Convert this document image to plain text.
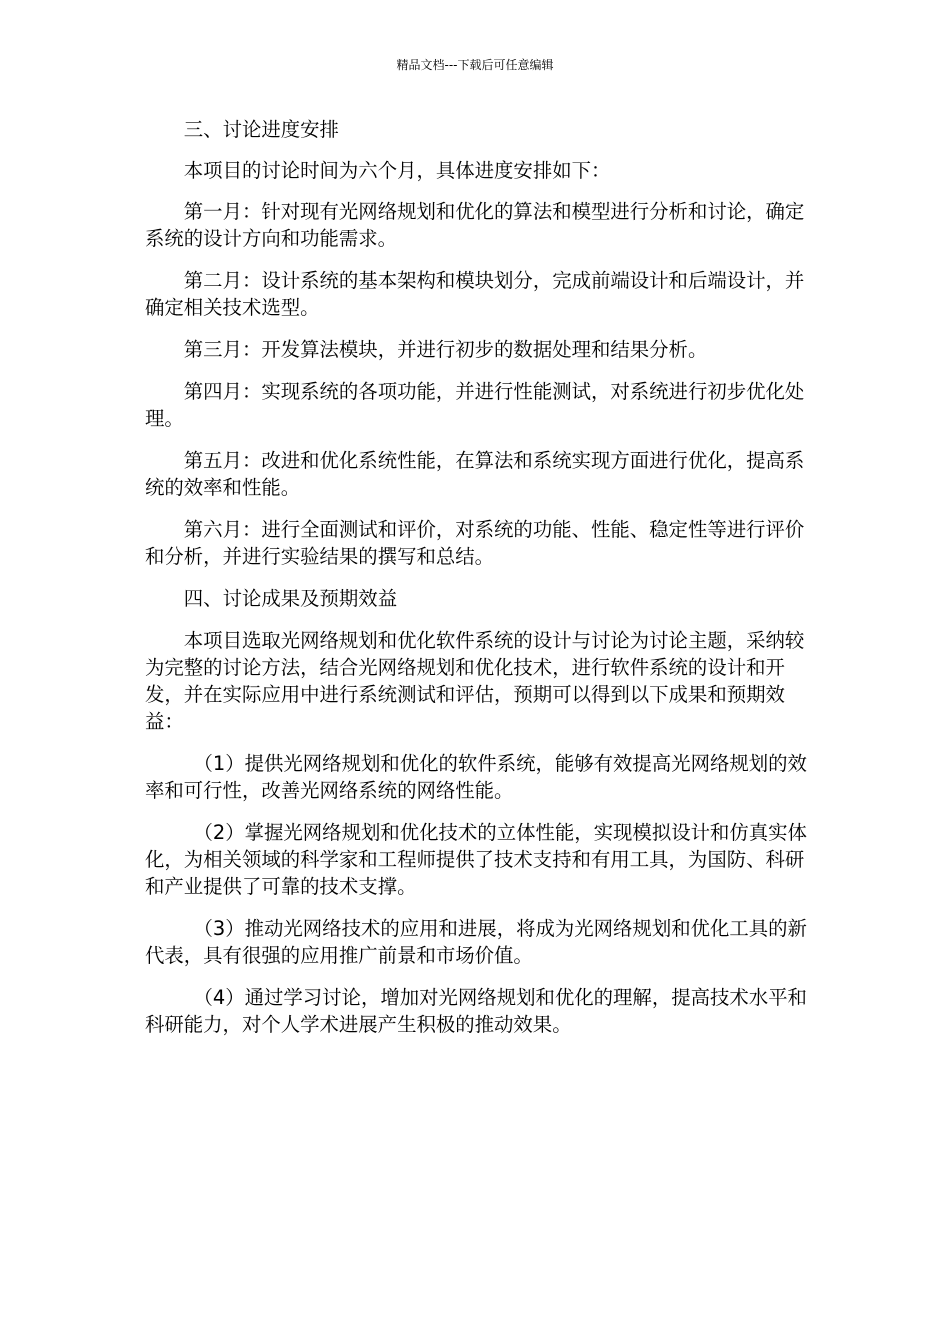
精品文档---下载后可任意编辑

三、讨论进度安排

本项目的讨论时间为六个月，具体进度安排如下：

第一月：针对现有光网络规划和优化的算法和模型进行分析和讨论，确定系统的设计方向和功能需求。

第二月：设计系统的基本架构和模块划分，完成前端设计和后端设计，并确定相关技术选型。

第三月：开发算法模块，并进行初步的数据处理和结果分析。

第四月：实现系统的各项功能，并进行性能测试，对系统进行初步优化处理。

第五月：改进和优化系统性能，在算法和系统实现方面进行优化，提高系统的效率和性能。

第六月：进行全面测试和评价，对系统的功能、性能、稳定性等进行评价和分析，并进行实验结果的撰写和总结。

四、讨论成果及预期效益

本项目选取光网络规划和优化软件系统的设计与讨论为讨论主题，采纳较为完整的讨论方法，结合光网络规划和优化技术，进行软件系统的设计和开发，并在实际应用中进行系统测试和评估，预期可以得到以下成果和预期效益：

（1）提供光网络规划和优化的软件系统，能够有效提高光网络规划的效率和可行性，改善光网络系统的网络性能。

（2）掌握光网络规划和优化技术的立体性能，实现模拟设计和仿真实体化，为相关领域的科学家和工程师提供了技术支持和有用工具，为国防、科研和产业提供了可靠的技术支撑。

（3）推动光网络技术的应用和进展，将成为光网络规划和优化工具的新代表，具有很强的应用推广前景和市场价值。

（4）通过学习讨论，增加对光网络规划和优化的理解，提高技术水平和科研能力，对个人学术进展产生积极的推动效果。
